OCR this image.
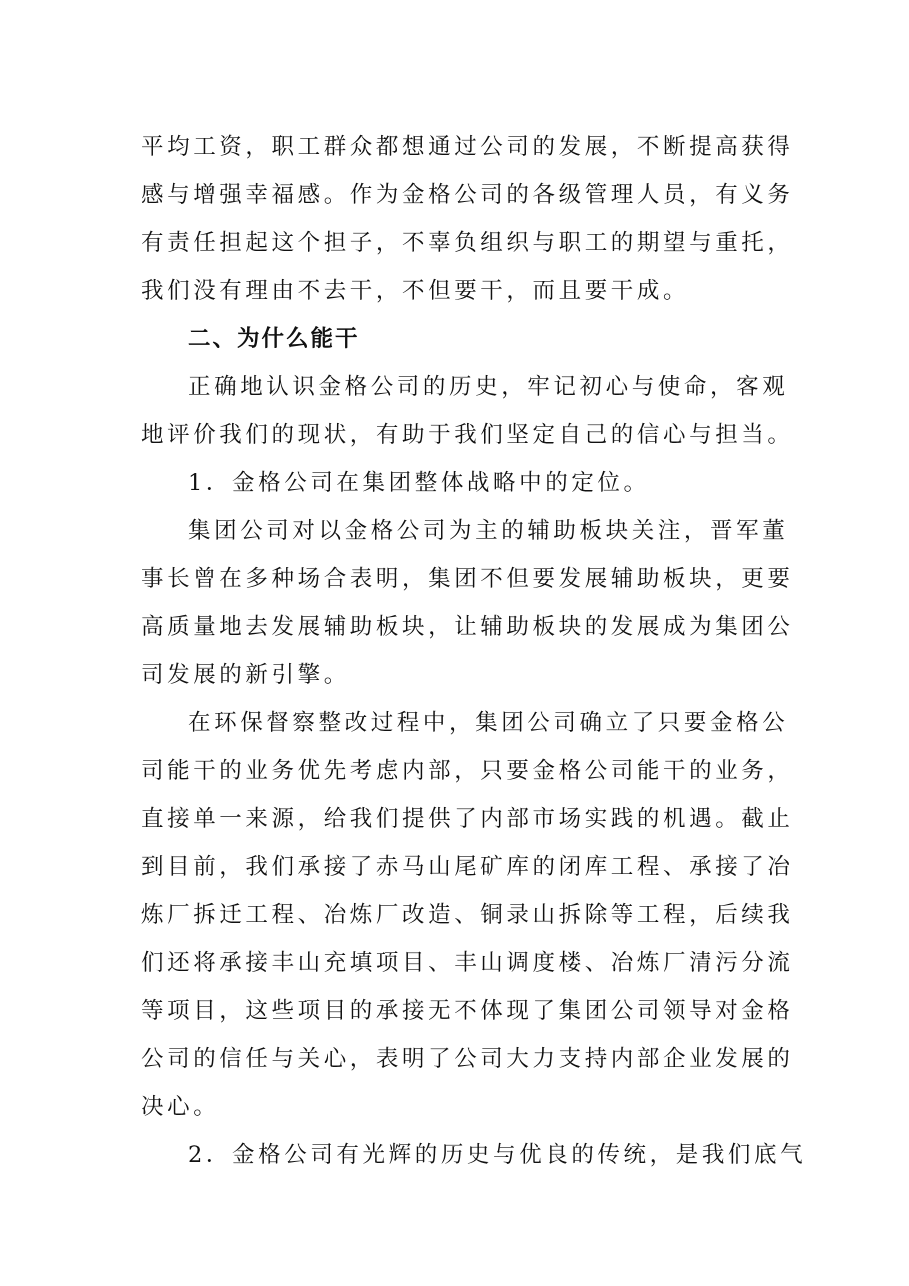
平均工资，职工群众都想通过公司的发展，不断提高获得
感与增强幸福感。作为金格公司的各级管理人员，有义务
有责任担起这个担子，不辜负组织与职工的期望与重托，
我们没有理由不去干，不但要干，而且要干成。
二、为什么能干
正确地认识金格公司的历史，牢记初心与使命，客观
地评价我们的现状，有助于我们坚定自己的信心与担当。
1．金格公司在集团整体战略中的定位。
集团公司对以金格公司为主的辅助板块关注，晋军董
事长曾在多种场合表明，集团不但要发展辅助板块，更要
高质量地去发展辅助板块，让辅助板块的发展成为集团公
司发展的新引擎。
在环保督察整改过程中，集团公司确立了只要金格公
司能干的业务优先考虑内部，只要金格公司能干的业务，
直接单一来源，给我们提供了内部市场实践的机遇。截止
到目前，我们承接了赤马山尾矿库的闭库工程、承接了冶
炼厂拆迁工程、冶炼厂改造、铜录山拆除等工程，后续我
们还将承接丰山充填项目、丰山调度楼、冶炼厂清污分流
等项目，这些项目的承接无不体现了集团公司领导对金格
公司的信任与关心，表明了公司大力支持内部企业发展的
决心。
2．金格公司有光辉的历史与优良的传统，是我们底气
